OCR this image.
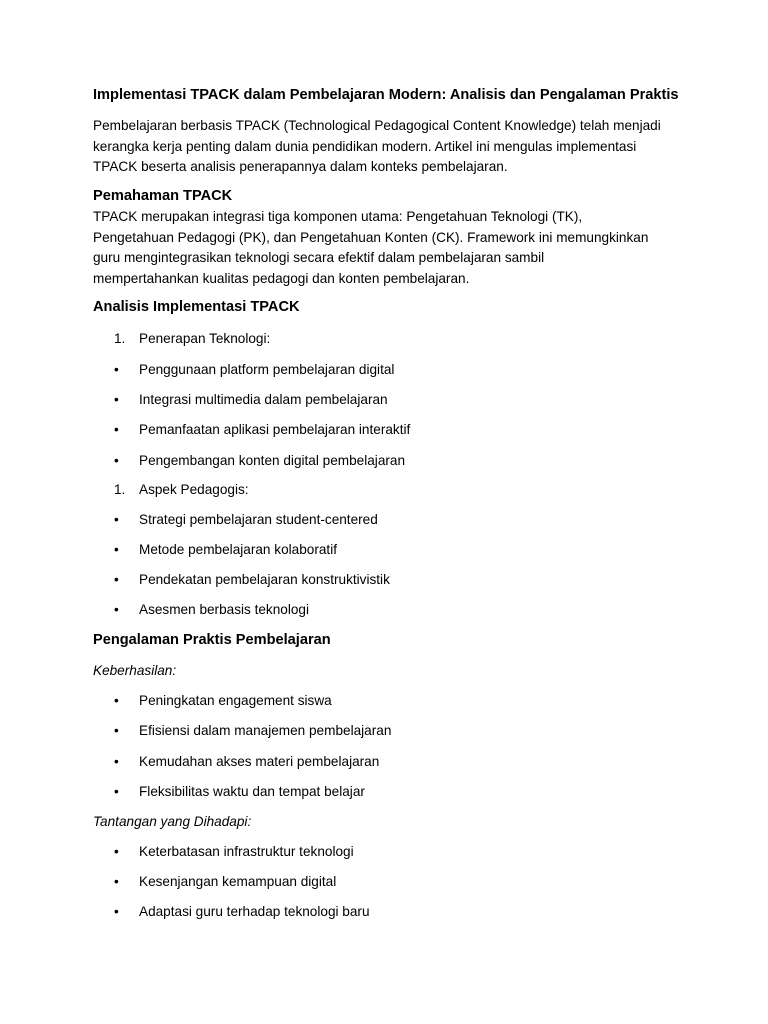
Implementasi TPACK dalam Pembelajaran Modern: Analisis dan Pengalaman Praktis
Pembelajaran berbasis TPACK (Technological Pedagogical Content Knowledge) telah menjadi
kerangka kerja penting dalam dunia pendidikan modern. Artikel ini mengulas implementasi
TPACK beserta analisis penerapannya dalam konteks pembelajaran.
Pemahaman TPACK
TPACK merupakan integrasi tiga komponen utama: Pengetahuan Teknologi (TK),
Pengetahuan Pedagogi (PK), dan Pengetahuan Konten (CK). Framework ini memungkinkan
guru mengintegrasikan teknologi secara efektif dalam pembelajaran sambil
mempertahankan kualitas pedagogi dan konten pembelajaran.
Analisis Implementasi TPACK
1. Penerapan Teknologi:
• Penggunaan platform pembelajaran digital
• Integrasi multimedia dalam pembelajaran
• Pemanfaatan aplikasi pembelajaran interaktif
• Pengembangan konten digital pembelajaran
1. Aspek Pedagogis:
• Strategi pembelajaran student-centered
• Metode pembelajaran kolaboratif
• Pendekatan pembelajaran konstruktivistik
• Asesmen berbasis teknologi
Pengalaman Praktis Pembelajaran
Keberhasilan:
• Peningkatan engagement siswa
• Efisiensi dalam manajemen pembelajaran
• Kemudahan akses materi pembelajaran
• Fleksibilitas waktu dan tempat belajar
Tantangan yang Dihadapi:
• Keterbatasan infrastruktur teknologi
• Kesenjangan kemampuan digital
• Adaptasi guru terhadap teknologi baru
